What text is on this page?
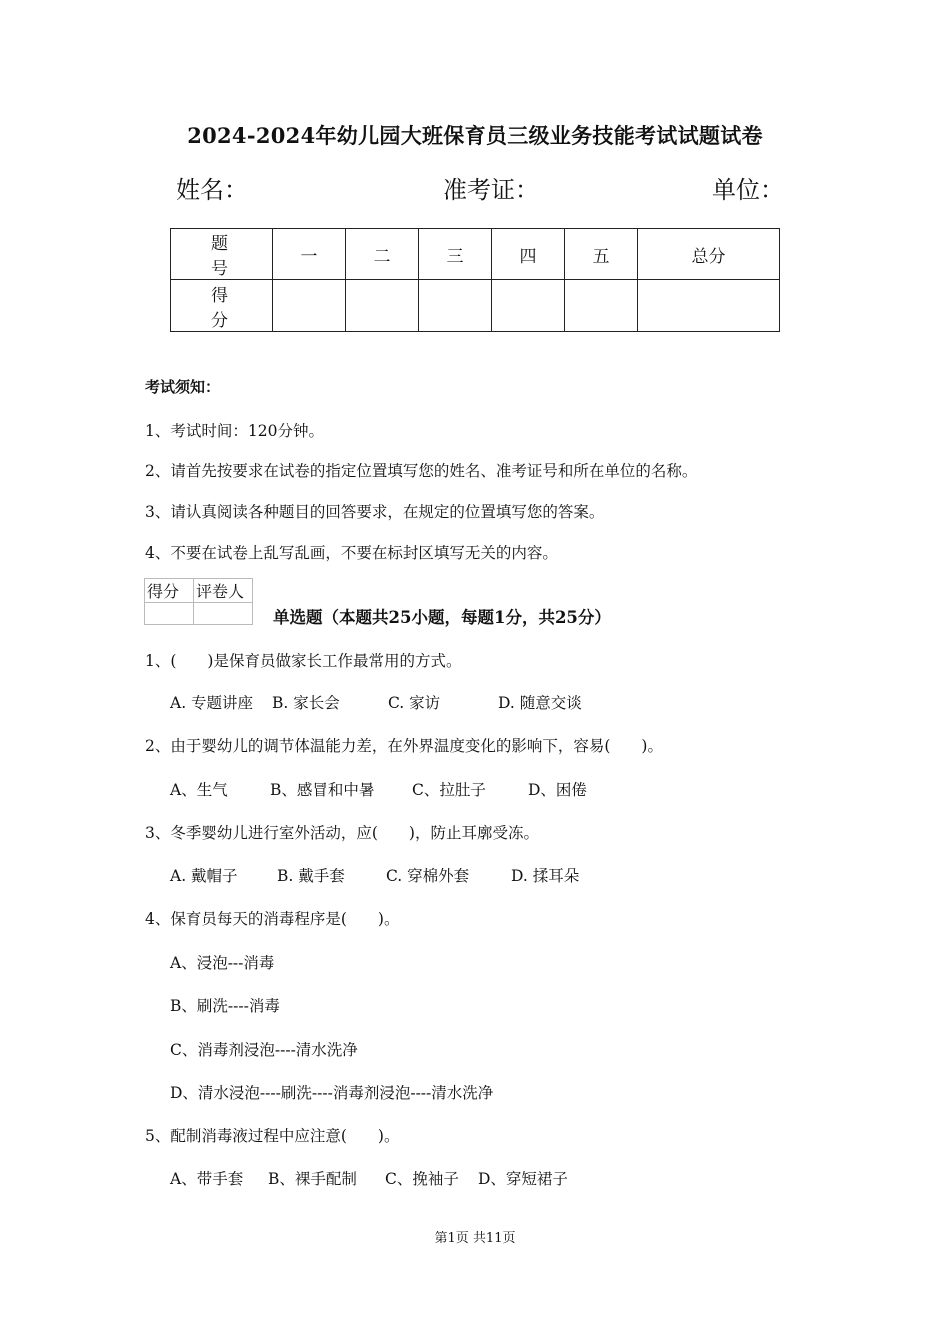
2024-2024年幼儿园大班保育员三级业务技能考试试题试卷
姓名：	准考证：	单位：
题　号	一	二	三	四	五	总分
得　分						
考试须知：
1、考试时间：120分钟。
2、请首先按要求在试卷的指定位置填写您的姓名、准考证号和所在单位的名称。
3、请认真阅读各种题目的回答要求，在规定的位置填写您的答案。
4、不要在试卷上乱写乱画，不要在标封区填写无关的内容。
得分	评卷人

单选题（本题共25小题，每题1分，共25分）
1、(　　)是保育员做家长工作最常用的方式。
A. 专题讲座 B. 家长会	C. 家访	D. 随意交谈
2、由于婴幼儿的调节体温能力差，在外界温度变化的影响下，容易(　　)。
A、生气	B、感冒和中暑 C、拉肚子	D、困倦
3、冬季婴幼儿进行室外活动，应(　　)，防止耳廓受冻。
A. 戴帽子	B. 戴手套	C. 穿棉外套	D. 揉耳朵
4、保育员每天的消毒程序是(　　)。
A、浸泡---消毒
B、刷洗----消毒
C、消毒剂浸泡----清水洗净
D、清水浸泡----刷洗----消毒剂浸泡----清水洗净
5、配制消毒液过程中应注意(　　)。
A、带手套 B、裸手配制 C、挽袖子 D、穿短裙子
第1页 共11页
